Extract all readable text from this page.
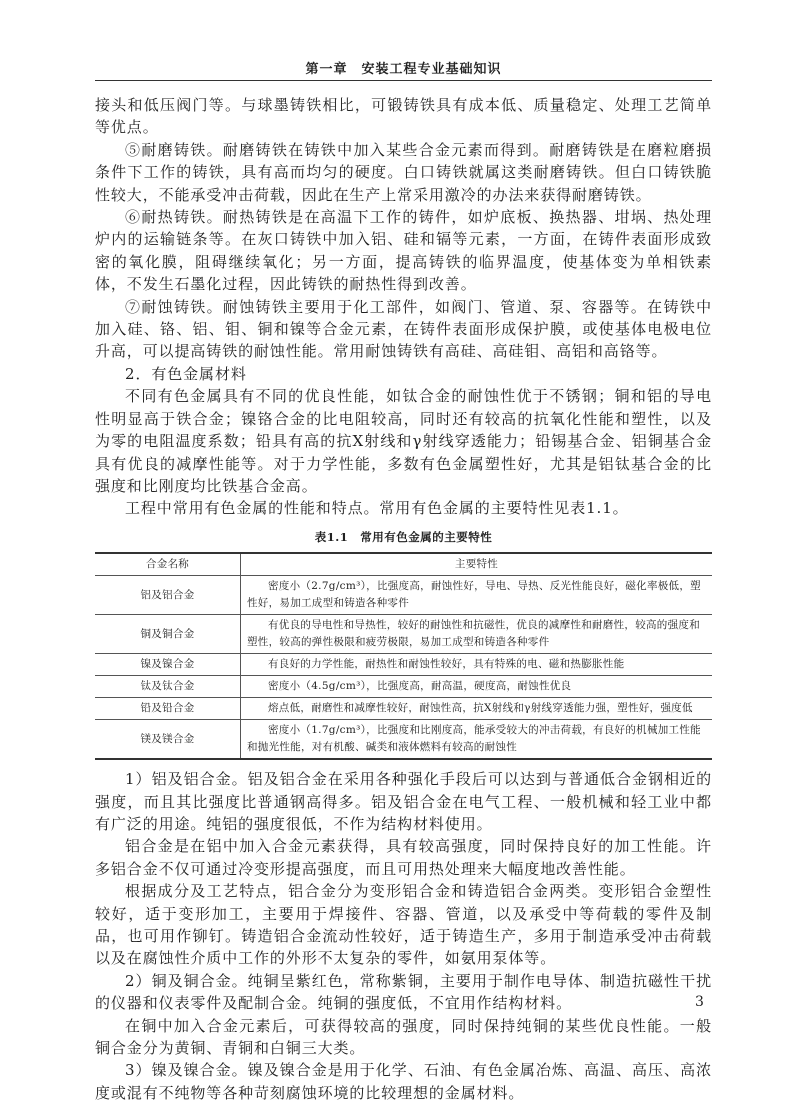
第一章　安装工程专业基础知识

接头和低压阀门等。与球墨铸铁相比，可锻铸铁具有成本低、质量稳定、处理工艺简单等优点。

⑤耐磨铸铁。耐磨铸铁在铸铁中加入某些合金元素而得到。耐磨铸铁是在磨粒磨损条件下工作的铸铁，具有高而均匀的硬度。白口铸铁就属这类耐磨铸铁。但白口铸铁脆性较大，不能承受冲击荷载，因此在生产上常采用激冷的办法来获得耐磨铸铁。

⑥耐热铸铁。耐热铸铁是在高温下工作的铸件，如炉底板、换热器、坩埚、热处理炉内的运输链条等。在灰口铸铁中加入铝、硅和镉等元素，一方面，在铸件表面形成致密的氧化膜，阻碍继续氧化；另一方面，提高铸铁的临界温度，使基体变为单相铁素体，不发生石墨化过程，因此铸铁的耐热性得到改善。

⑦耐蚀铸铁。耐蚀铸铁主要用于化工部件，如阀门、管道、泵、容器等。在铸铁中加入硅、铬、铝、钼、铜和镍等合金元素，在铸件表面形成保护膜，或使基体电极电位升高，可以提高铸铁的耐蚀性能。常用耐蚀铸铁有高硅、高硅钼、高铝和高铬等。

2．有色金属材料

不同有色金属具有不同的优良性能，如钛合金的耐蚀性优于不锈钢；铜和铝的导电性明显高于铁合金；镍铬合金的比电阻较高，同时还有较高的抗氧化性能和塑性，以及为零的电阻温度系数；铅具有高的抗X射线和γ射线穿透能力；铅锡基合金、铝铜基合金具有优良的减摩性能等。对于力学性能，多数有色金属塑性好，尤其是铝钛基合金的比强度和比刚度均比铁基合金高。

工程中常用有色金属的性能和特点。常用有色金属的主要特性见表1.1。

表1.1　常用有色金属的主要特性
合金名称	主要特性
铝及铝合金	密度小（2.7g/cm³），比强度高，耐蚀性好，导电、导热、反光性能良好，磁化率极低，塑性好，易加工成型和铸造各种零件
铜及铜合金	有优良的导电性和导热性，较好的耐蚀性和抗磁性，优良的减摩性和耐磨性，较高的强度和塑性，较高的弹性极限和疲劳极限，易加工成型和铸造各种零件
镍及镍合金	有良好的力学性能，耐热性和耐蚀性较好，具有特殊的电、磁和热膨胀性能
钛及钛合金	密度小（4.5g/cm³），比强度高，耐高温，硬度高，耐蚀性优良
铅及铅合金	熔点低，耐磨性和减摩性较好，耐蚀性高，抗X射线和γ射线穿透能力强，塑性好，强度低
镁及镁合金	密度小（1.7g/cm³），比强度和比刚度高，能承受较大的冲击荷载，有良好的机械加工性能和抛光性能，对有机酸、碱类和液体燃料有较高的耐蚀性

1）铝及铝合金。铝及铝合金在采用各种强化手段后可以达到与普通低合金钢相近的强度，而且其比强度比普通钢高得多。铝及铝合金在电气工程、一般机械和轻工业中都有广泛的用途。纯铝的强度很低，不作为结构材料使用。

铝合金是在铝中加入合金元素获得，具有较高强度，同时保持良好的加工性能。许多铝合金不仅可通过冷变形提高强度，而且可用热处理来大幅度地改善性能。

根据成分及工艺特点，铝合金分为变形铝合金和铸造铝合金两类。变形铝合金塑性较好，适于变形加工，主要用于焊接件、容器、管道，以及承受中等荷载的零件及制品，也可用作铆钉。铸造铝合金流动性较好，适于铸造生产，多用于制造承受冲击荷载以及在腐蚀性介质中工作的外形不太复杂的零件，如氨用泵体等。

2）铜及铜合金。纯铜呈紫红色，常称紫铜，主要用于制作电导体、制造抗磁性干扰的仪器和仪表零件及配制合金。纯铜的强度低，不宜用作结构材料。

在铜中加入合金元素后，可获得较高的强度，同时保持纯铜的某些优良性能。一般铜合金分为黄铜、青铜和白铜三大类。

3）镍及镍合金。镍及镍合金是用于化学、石油、有色金属冶炼、高温、高压、高浓度或混有不纯物等各种苛刻腐蚀环境的比较理想的金属材料。

3
